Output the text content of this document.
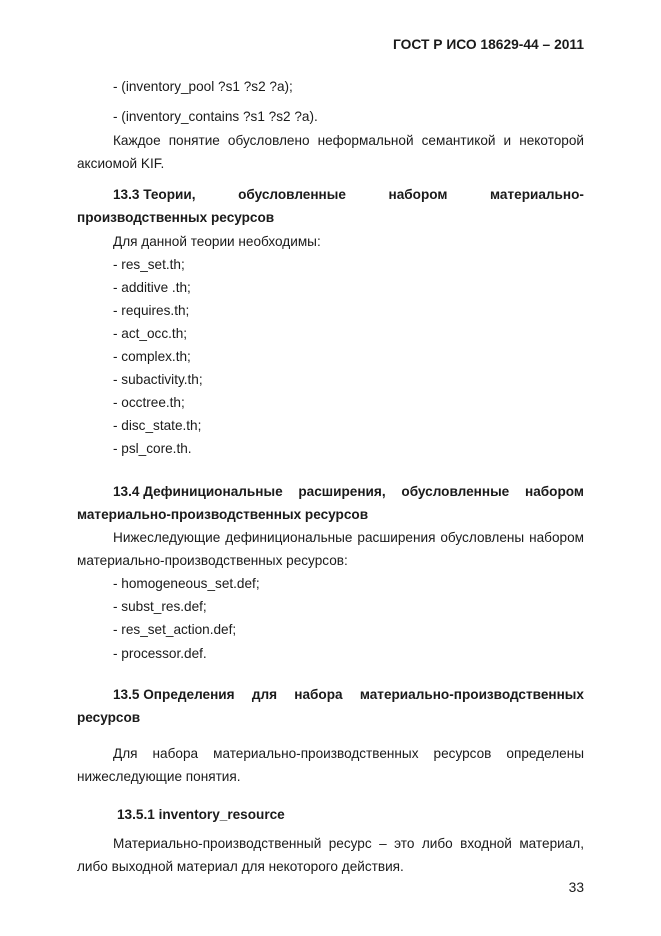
ГОСТ Р ИСО 18629-44 – 2011
- (inventory_pool ?s1 ?s2 ?a);
- (inventory_contains ?s1 ?s2 ?a).
Каждое понятие обусловлено неформальной семантикой и некоторой
аксиомой KIF.
13.3 Теории,	обусловленные	набором	материально-
производственных ресурсов
Для данной теории необходимы:
- res_set.th;
- additive .th;
- requires.th;
- act_occ.th;
- complex.th;
- subactivity.th;
- occtree.th;
- disc_state.th;
- psl_core.th.
13.4 Дефинициональные расширения, обусловленные набором
материально-производственных ресурсов
Нижеследующие дефинициональные расширения обусловлены набором
материально-производственных ресурсов:
- homogeneous_set.def;
- subst_res.def;
- res_set_action.def;
- processor.def.
13.5 Определения для набора материально-производственных
ресурсов
Для набора материально-производственных ресурсов определены
нижеследующие понятия.
13.5.1 inventory_resource
Материально-производственный ресурс – это либо входной материал,
либо выходной материал для некоторого действия.
33
